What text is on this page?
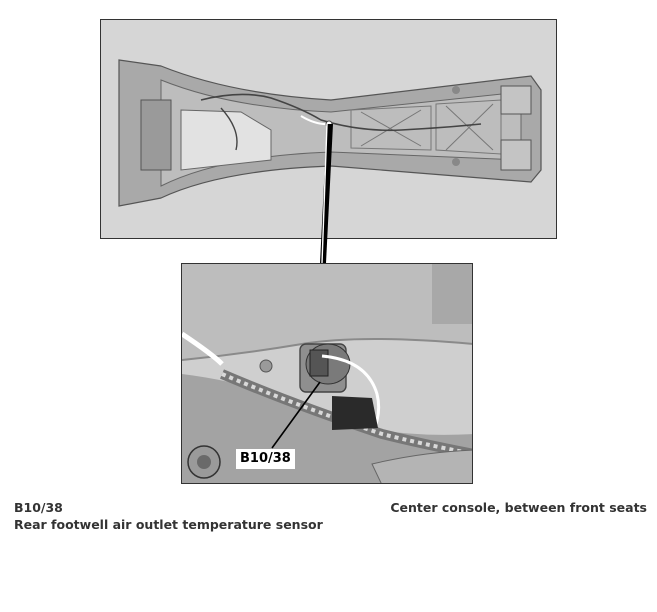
B10/38
B10/38
Rear footwell air outlet temperature sensor
Center console, between front seats
